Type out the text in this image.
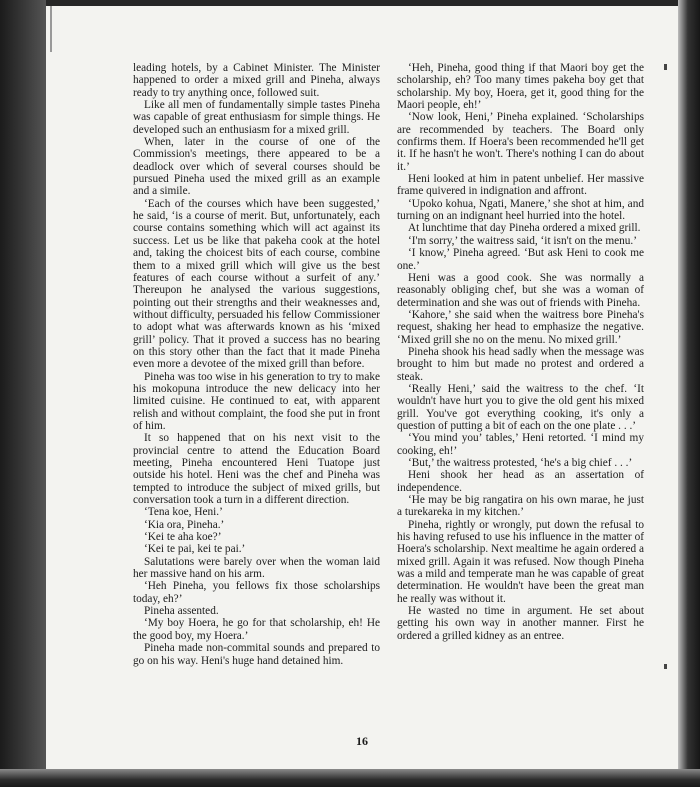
leading hotels, by a Cabinet Minister. The Minister happened to order a mixed grill and Pineha, always ready to try anything once, followed suit.

Like all men of fundamentally simple tastes Pineha was capable of great enthusiasm for simple things. He developed such an enthusiasm for a mixed grill.

When, later in the course of one of the Commission's meetings, there appeared to be a deadlock over which of several courses should be pursued Pineha used the mixed grill as an example and a simile.

‘Each of the courses which have been suggested,’ he said, ‘is a course of merit. But, unfortunately, each course contains something which will act against its success. Let us be like that pakeha cook at the hotel and, taking the choicest bits of each course, combine them to a mixed grill which will give us the best features of each course without a surfeit of any.’ Thereupon he analysed the various suggestions, pointing out their strengths and their weaknesses and, without difficulty, persuaded his fellow Commissioner to adopt what was afterwards known as his ‘mixed grill’ policy. That it proved a success has no bearing on this story other than the fact that it made Pineha even more a devotee of the mixed grill than before.

Pineha was too wise in his generation to try to make his mokopuna introduce the new delicacy into her limited cuisine. He continued to eat, with apparent relish and without complaint, the food she put in front of him.

It so happened that on his next visit to the provincial centre to attend the Education Board meeting, Pineha encountered Heni Tuatope just outside his hotel. Heni was the chef and Pineha was tempted to introduce the subject of mixed grills, but conversation took a turn in a different direction.

‘Tena koe, Heni.’

‘Kia ora, Pineha.’

‘Kei te aha koe?’

‘Kei te pai, kei te pai.’

Salutations were barely over when the woman laid her massive hand on his arm.

‘Heh Pineha, you fellows fix those scholarships today, eh?’

Pineha assented.

‘My boy Hoera, he go for that scholarship, eh! He the good boy, my Hoera.’

Pineha made non-commital sounds and prepared to go on his way. Heni's huge hand detained him.

‘Heh, Pineha, good thing if that Maori boy get the scholarship, eh? Too many times pakeha boy get that scholarship. My boy, Hoera, get it, good thing for the Maori people, eh!’

‘Now look, Heni,’ Pineha explained. ‘Scholarships are recommended by teachers. The Board only confirms them. If Hoera's been recommended he'll get it. If he hasn't he won't. There's nothing I can do about it.’

Heni looked at him in patent unbelief. Her massive frame quivered in indignation and affront.

‘Upoko kohua, Ngati, Manere,’ she shot at him, and turning on an indignant heel hurried into the hotel.

At lunchtime that day Pineha ordered a mixed grill.

‘I'm sorry,’ the waitress said, ‘it isn't on the menu.’

‘I know,’ Pineha agreed. ‘But ask Heni to cook me one.’

Heni was a good cook. She was normally a reasonably obliging chef, but she was a woman of determination and she was out of friends with Pineha.

‘Kahore,’ she said when the waitress bore Pineha's request, shaking her head to emphasize the negative. ‘Mixed grill she no on the menu. No mixed grill.’

Pineha shook his head sadly when the message was brought to him but made no protest and ordered a steak.

‘Really Heni,’ said the waitress to the chef. ‘It wouldn't have hurt you to give the old gent his mixed grill. You've got everything cooking, it's only a question of putting a bit of each on the one plate . . .’

‘You mind you’ tables,’ Heni retorted. ‘I mind my cooking, eh!’

‘But,’ the waitress protested, ‘he's a big chief . . .’

Heni shook her head as an assertation of independence.

‘He may be big rangatira on his own marae, he just a turekareka in my kitchen.’

Pineha, rightly or wrongly, put down the refusal to his having refused to use his influence in the matter of Hoera's scholarship. Next mealtime he again ordered a mixed grill. Again it was refused. Now though Pineha was a mild and temperate man he was capable of great determination. He wouldn't have been the great man he really was without it.

He wasted no time in argument. He set about getting his own way in another manner. First he ordered a grilled kidney as an entree.

16
